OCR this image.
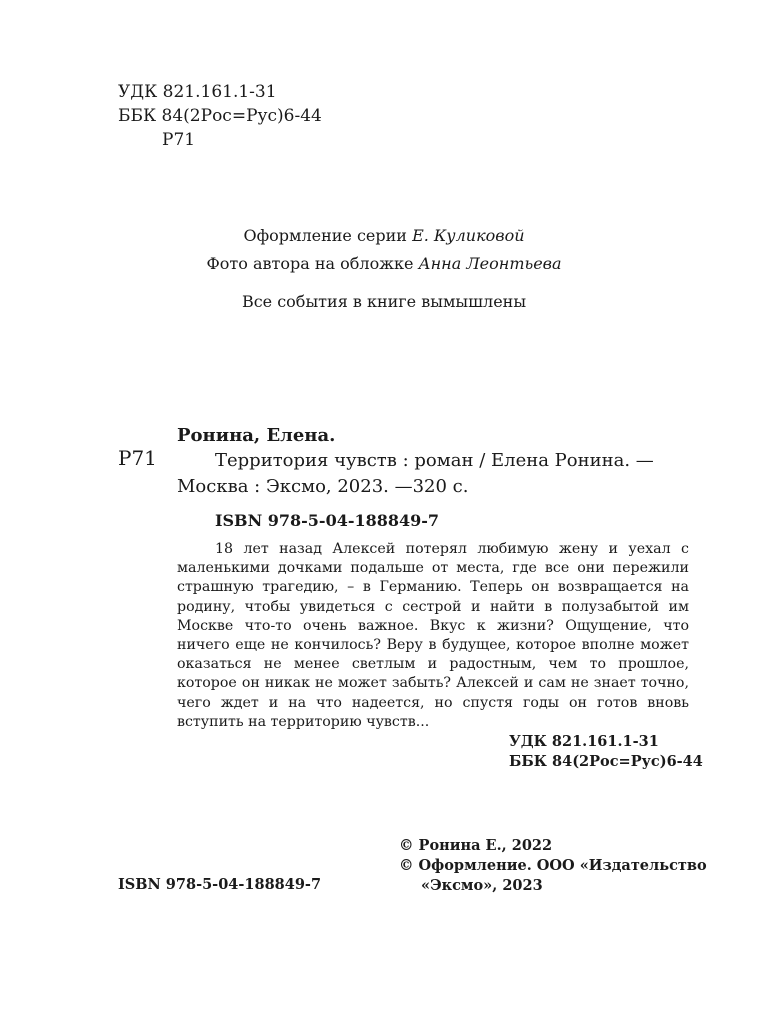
УДК 821.161.1-31
ББК 84(2Рос=Рус)6-44
Р71
Оформление серии Е. Куликовой
Фото автора на обложке Анна Леонтьева
Все события в книге вымышлены
Ронина, Елена.
Р71	Территория чувств : роман / Елена Ронина. —
Москва : Эксмо, 2023. —320 с.
ISBN 978-5-04-188849-7

18 лет назад Алексей потерял любимую жену и уехал с маленькими дочками подальше от места, где все они пережили страшную трагедию, – в Германию. Теперь он возвращается на родину, чтобы увидеться с сестрой и найти в полузабытой им Москве что-то очень важное. Вкус к жизни? Ощущение, что ничего еще не кончилось? Веру в будущее, которое вполне может оказаться не менее светлым и радостным, чем то прошлое, которое он никак не может забыть? Алексей и сам не знает точно, чего ждет и на что надеется, но спустя годы он готов вновь вступить на территорию чувств...

УДК 821.161.1-31
ББК 84(2Рос=Рус)6-44
© Ронина Е., 2022
© Оформление. ООО «Издательство
«Эксмо», 2023
ISBN 978-5-04-188849-7
